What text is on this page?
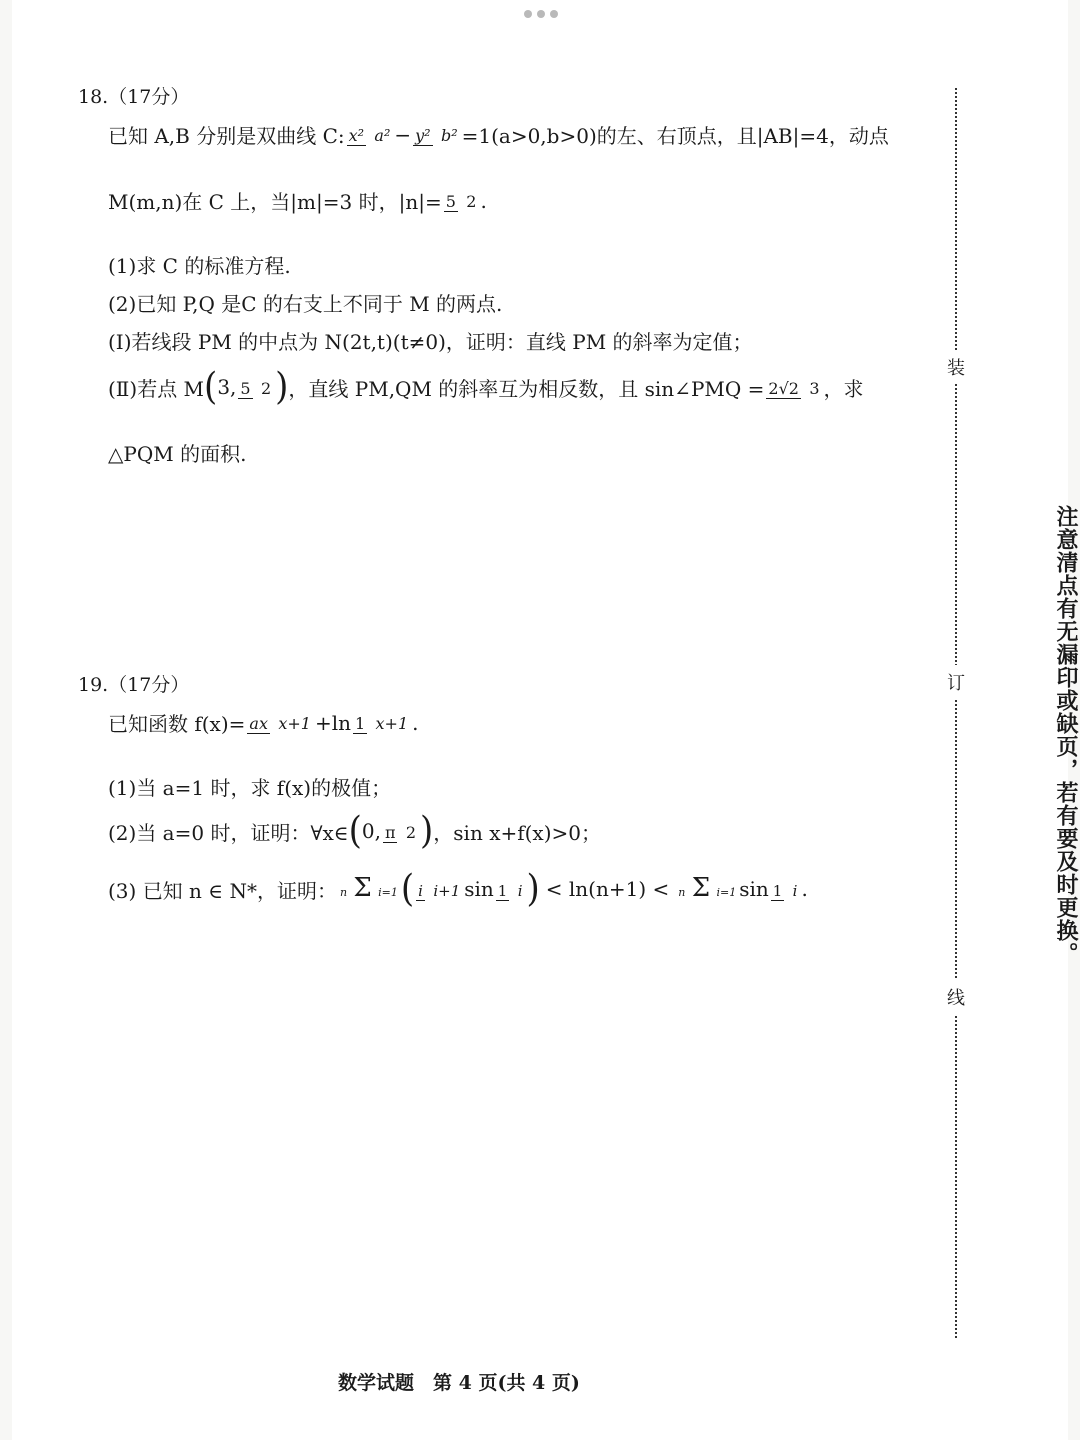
18.（17分）
已知 A,B 分别是双曲线 C: x² a² − y² b² =1(a>0,b>0)的左、右顶点，且|AB|=4，动点
M(m,n)在 C 上，当|m|=3 时，|n|= 5 2 .
(1)求 C 的标准方程.
(2)已知 P,Q 是C 的右支上不同于 M 的两点.
(Ⅰ)若线段 PM 的中点为 N(2t,t)(t≠0)，证明：直线 PM 的斜率为定值；
(Ⅱ)若点 M ( 3, 5 2 ) ，直线 PM,QM 的斜率互为相反数，且 sin∠PMQ = 2√2 3 ，求
△PQM 的面积.
19.（17分）
已知函数 f(x)= ax x+1 +ln 1 x+1 .
(1)当 a=1 时，求 f(x)的极值；
(2)当 a=0 时，证明：∀x∈ ( 0, π 2 ) ，sin x+f(x)>0；
(3) 已知 n ∈ N*，证明： n Σ i=1 ( i i+1 sin 1 i ) < ln(n+1) < n Σ i=1 sin 1 i .
装
订
线
注意清点有无漏印或缺页，若有要及时更换。
数学试题　第 4 页(共 4 页)
